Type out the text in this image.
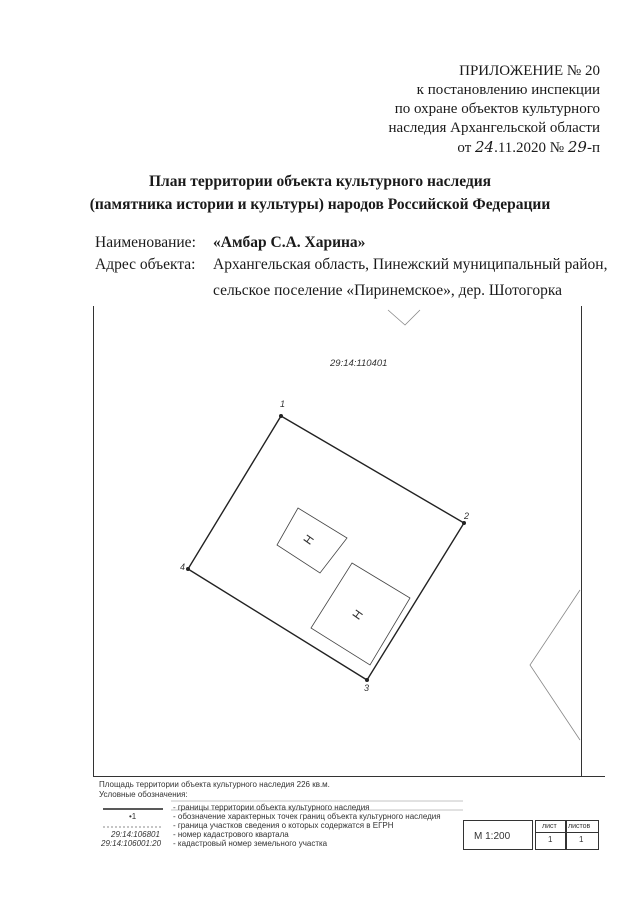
ПРИЛОЖЕНИЕ № 20
к постановлению инспекции
по охране объектов культурного
наследия Архангельской области
от 24.11.2020 № 29-п
План территории объекта культурного наследия
(памятника истории и культуры) народов Российской Федерации
Наименование: «Амбар С.А. Харина»
Адрес объекта: Архангельская область, Пинежский муниципальный район,
сельское поселение «Пиринемское», дер. Шотогорка
29:14:110401
1
2
3
4
Н
Н
Площадь территории объекта культурного наследия 226 кв.м.
Условные обозначения:
- границы территории объекта культурного наследия
•1	- обозначение характерных точек границ объекта культурного наследия
- граница участков сведения о которых содержатся в ЕГРН
29:14:106801 - номер кадастрового квартала
29:14:106001:20 - кадастровый номер земельного участка
М 1:200
лист
1
листов
1
